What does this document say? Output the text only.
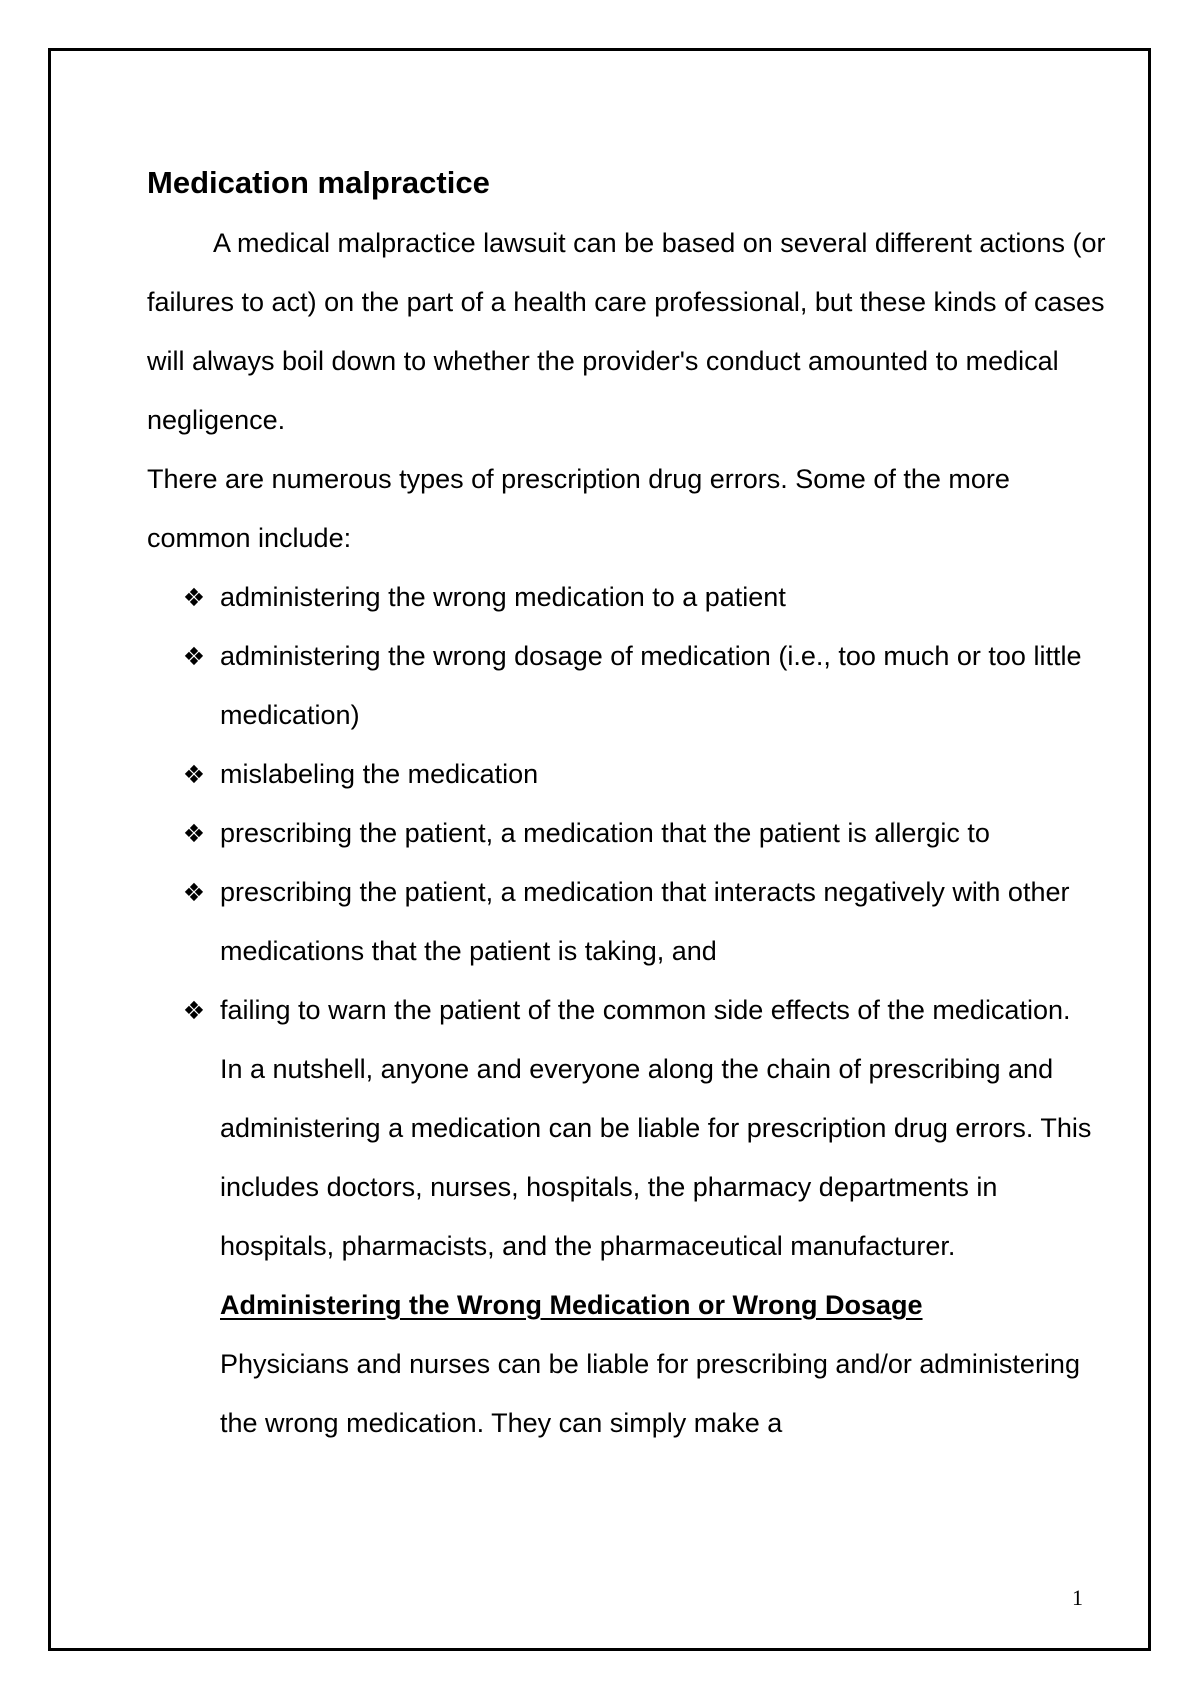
Medication malpractice

A medical malpractice lawsuit can be based on several different actions (or failures to act) on the part of a health care professional, but these kinds of cases will always boil down to whether the provider's conduct amounted to medical negligence.

There are numerous types of prescription drug errors. Some of the more common include:

❖ administering the wrong medication to a patient
❖ administering the wrong dosage of medication (i.e., too much or too little medication)
❖ mislabeling the medication
❖ prescribing the patient, a medication that the patient is allergic to
❖ prescribing the patient, a medication that interacts negatively with other medications that the patient is taking, and
❖ failing to warn the patient of the common side effects of the medication.

In a nutshell, anyone and everyone along the chain of prescribing and administering a medication can be liable for prescription drug errors. This includes doctors, nurses, hospitals, the pharmacy departments in hospitals, pharmacists, and the pharmaceutical manufacturer.

Administering the Wrong Medication or Wrong Dosage

Physicians and nurses can be liable for prescribing and/or administering the wrong medication. They can simply make a

1
